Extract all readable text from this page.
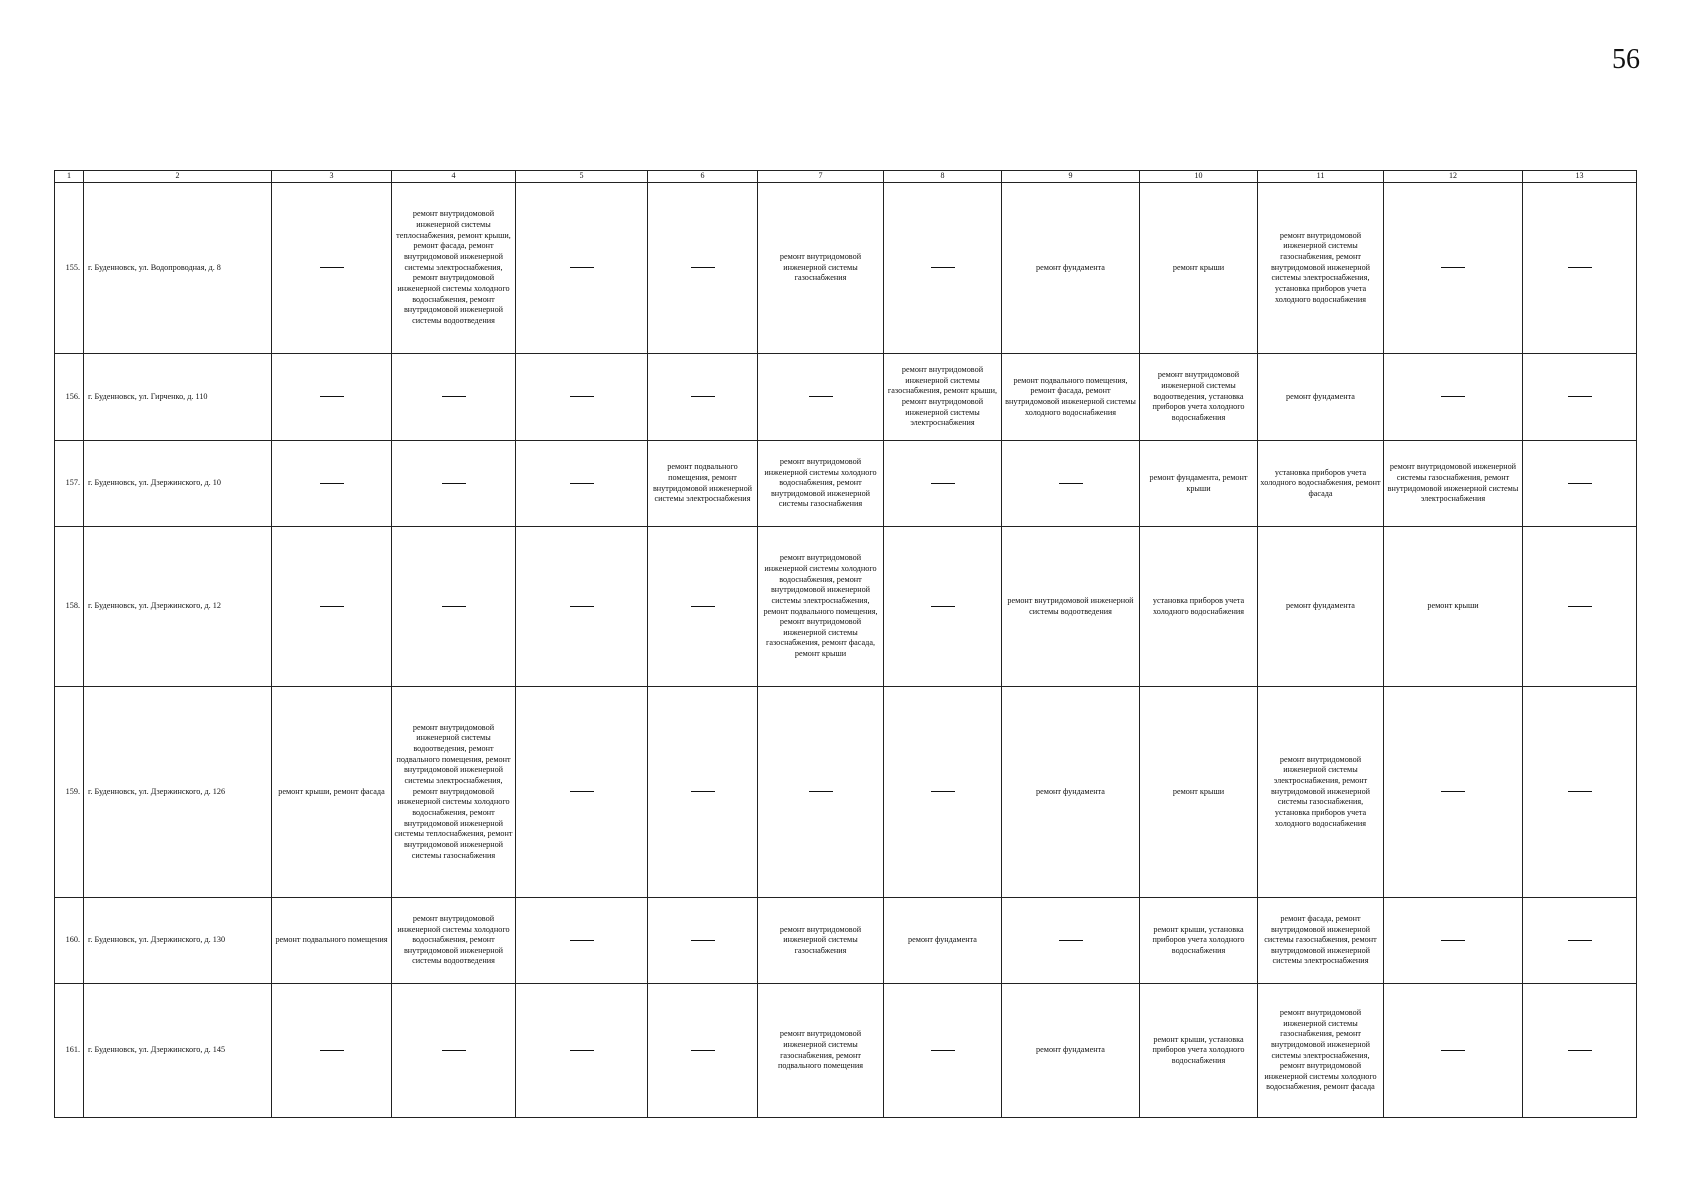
56
1	2	3	4	5	6	7	8	9	10	11	12	13
155.	г. Буденновск, ул. Водопроводная, д. 8		ремонт внутридомовой инженерной системы теплоснабжения, ремонт крыши, ремонт фасада, ремонт внутридомовой инженерной системы электроснабжения, ремонт внутридомовой инженерной системы холодного водоснабжения, ремонт внутридомовой инженерной системы водоотведения			ремонт внутридомовой инженерной системы газоснабжения		ремонт фундамента	ремонт крыши	ремонт внутридомовой инженерной системы газоснабжения, ремонт внутридомовой инженерной системы электроснабжения, установка приборов учета холодного водоснабжения		
156.	г. Буденновск, ул. Гирченко, д. 110						ремонт внутридомовой инженерной системы газоснабжения, ремонт крыши, ремонт внутридомовой инженерной системы электроснабжения	ремонт подвального помещения, ремонт фасада, ремонт внутридомовой инженерной системы холодного водоснабжения	ремонт внутридомовой инженерной системы водоотведения, установка приборов учета холодного водоснабжения	ремонт фундамента		
157.	г. Буденновск, ул. Дзержинского, д. 10				ремонт подвального помещения, ремонт внутридомовой инженерной системы электроснабжения	ремонт внутридомовой инженерной системы холодного водоснабжения, ремонт внутридомовой инженерной системы газоснабжения			ремонт фундамента, ремонт крыши	установка приборов учета холодного водоснабжения, ремонт фасада	ремонт внутридомовой инженерной системы газоснабжения, ремонт внутридомовой инженерной системы электроснабжения	
158.	г. Буденновск, ул. Дзержинского, д. 12					ремонт внутридомовой инженерной системы холодного водоснабжения, ремонт внутридомовой инженерной системы электроснабжения, ремонт подвального помещения, ремонт внутридомовой инженерной системы газоснабжения, ремонт фасада, ремонт крыши		ремонт внутридомовой инженерной системы водоотведения	установка приборов учета холодного водоснабжения	ремонт фундамента	ремонт крыши	
159.	г. Буденновск, ул. Дзержинского, д. 126	ремонт крыши, ремонт фасада	ремонт внутридомовой инженерной системы водоотведения, ремонт подвального помещения, ремонт внутридомовой инженерной системы электроснабжения, ремонт внутридомовой инженерной системы холодного водоснабжения, ремонт внутридомовой инженерной системы теплоснабжения, ремонт внутридомовой инженерной системы газоснабжения					ремонт фундамента	ремонт крыши	ремонт внутридомовой инженерной системы электроснабжения, ремонт внутридомовой инженерной системы газоснабжения, установка приборов учета холодного водоснабжения		
160.	г. Буденновск, ул. Дзержинского, д. 130	ремонт подвального помещения	ремонт внутридомовой инженерной системы холодного водоснабжения, ремонт внутридомовой инженерной системы водоотведения			ремонт внутридомовой инженерной системы газоснабжения	ремонт фундамента		ремонт крыши, установка приборов учета холодного водоснабжения	ремонт фасада, ремонт внутридомовой инженерной системы газоснабжения, ремонт внутридомовой инженерной системы электроснабжения		
161.	г. Буденновск, ул. Дзержинского, д. 145					ремонт внутридомовой инженерной системы газоснабжения, ремонт подвального помещения		ремонт фундамента	ремонт крыши, установка приборов учета холодного водоснабжения	ремонт внутридомовой инженерной системы газоснабжения, ремонт внутридомовой инженерной системы электроснабжения, ремонт внутридомовой инженерной системы холодного водоснабжения, ремонт фасада		
